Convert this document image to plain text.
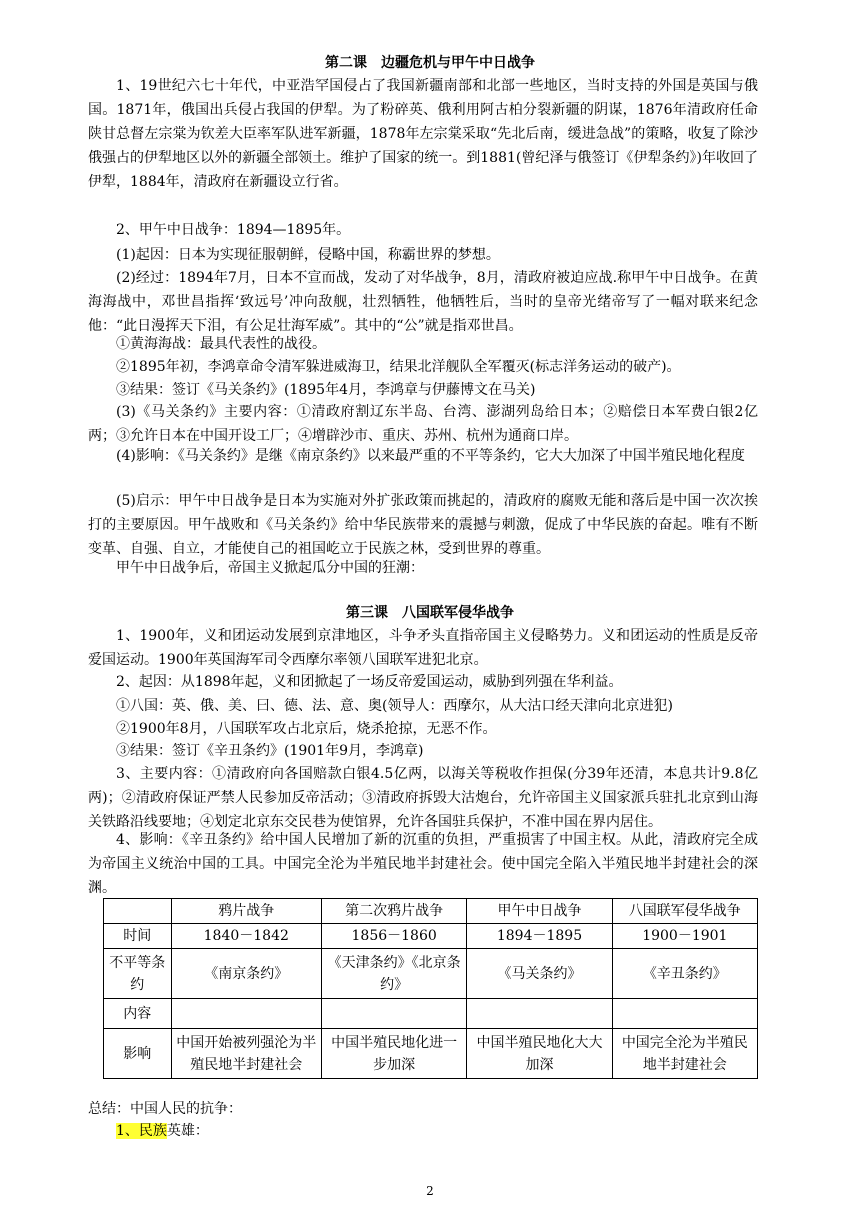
第二课　边疆危机与甲午中日战争
1、19世纪六七十年代，中亚浩罕国侵占了我国新疆南部和北部一些地区，当时支持的外国是英国与俄国。1871年，俄国出兵侵占我国的伊犁。为了粉碎英、俄利用阿古柏分裂新疆的阴谋，1876年清政府任命陕甘总督左宗棠为钦差大臣率军队进军新疆，1878年左宗棠采取“先北后南，缓进急战”的策略，收复了除沙俄强占的伊犁地区以外的新疆全部领土。维护了国家的统一。到1881(曾纪泽与俄签订《伊犁条约》)年收回了伊犁，1884年，清政府在新疆设立行省。
2、甲午中日战争：1894—1895年。
(1)起因：日本为实现征服朝鲜，侵略中国，称霸世界的梦想。
(2)经过：1894年7月，日本不宣而战，发动了对华战争，8月，清政府被迫应战.称甲午中日战争。在黄海海战中，邓世昌指挥‘致远号’冲向敌舰，壮烈牺牲，他牺牲后，当时的皇帝光绪帝写了一幅对联来纪念他：“此日漫挥天下泪，有公足壮海军威”。其中的“公”就是指邓世昌。
①黄海海战：最具代表性的战役。
②1895年初，李鸿章命令清军躲进威海卫，结果北洋舰队全军覆灭(标志洋务运动的破产)。
③结果：签订《马关条约》(1895年4月，李鸿章与伊藤博文在马关)
(3)《马关条约》主要内容：①清政府割辽东半岛、台湾、澎湖列岛给日本；②赔偿日本军费白银2亿两；③允许日本在中国开设工厂；④增辟沙市、重庆、苏州、杭州为通商口岸。
(4)影响：《马关条约》是继《南京条约》以来最严重的不平等条约，它大大加深了中国半殖民地化程度
(5)启示：甲午中日战争是日本为实施对外扩张政策而挑起的，清政府的腐败无能和落后是中国一次次挨打的主要原因。甲午战败和《马关条约》给中华民族带来的震撼与刺激，促成了中华民族的奋起。唯有不断变革、自强、自立，才能使自己的祖国屹立于民族之林，受到世界的尊重。
甲午中日战争后，帝国主义掀起瓜分中国的狂潮：
第三课　八国联军侵华战争
1、1900年，义和团运动发展到京津地区，斗争矛头直指帝国主义侵略势力。义和团运动的性质是反帝爱国运动。1900年英国海军司令西摩尔率领八国联军进犯北京。
2、起因：从1898年起，义和团掀起了一场反帝爱国运动，威胁到列强在华利益。
①八国：英、俄、美、曰、德、法、意、奥(领导人：西摩尔，从大沽口经天津向北京进犯)
②1900年8月，八国联军攻占北京后，烧杀抢掠，无恶不作。
③结果：签订《辛丑条约》(1901年9月，李鸿章)
3、主要内容：①清政府向各国赔款白银4.5亿两，以海关等税收作担保(分39年还清，本息共计9.8亿两)；②清政府保证严禁人民参加反帝活动；③清政府拆毁大沽炮台，允许帝国主义国家派兵驻扎北京到山海关铁路沿线要地；④划定北京东交民巷为使馆界，允许各国驻兵保护，不准中国在界内居住。
4、影响：《辛丑条约》给中国人民增加了新的沉重的负担，严重损害了中国主权。从此，清政府完全成为帝国主义统治中国的工具。中国完全沦为半殖民地半封建社会。使中国完全陷入半殖民地半封建社会的深渊。
	鸦片战争	第二次鸦片战争	甲午中日战争	八国联军侵华战争
时间	1840－1842	1856－1860	1894－1895	1900－1901
不平等条约	《南京条约》	《天津条约》《北京条约》	《马关条约》	《辛丑条约》
内容				
影响	中国开始被列强沦为半殖民地半封建社会	中国半殖民地化进一步加深	中国半殖民地化大大加深	中国完全沦为半殖民地半封建社会
总结：中国人民的抗争：
1、民族英雄：
2
